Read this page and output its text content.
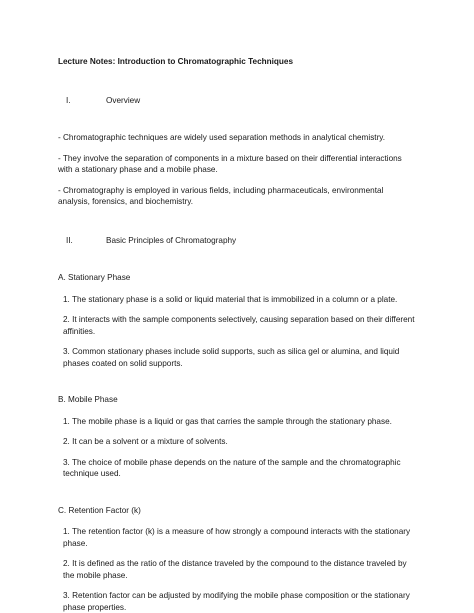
Lecture Notes: Introduction to Chromatographic Techniques
I.	Overview
- Chromatographic techniques are widely used separation methods in analytical chemistry.
- They involve the separation of components in a mixture based on their differential interactions with a stationary phase and a mobile phase.
- Chromatography is employed in various fields, including pharmaceuticals, environmental analysis, forensics, and biochemistry.
II.	Basic Principles of Chromatography
A. Stationary Phase
1. The stationary phase is a solid or liquid material that is immobilized in a column or a plate.
2. It interacts with the sample components selectively, causing separation based on their different affinities.
3. Common stationary phases include solid supports, such as silica gel or alumina, and liquid phases coated on solid supports.
B. Mobile Phase
1. The mobile phase is a liquid or gas that carries the sample through the stationary phase.
2. It can be a solvent or a mixture of solvents.
3. The choice of mobile phase depends on the nature of the sample and the chromatographic technique used.
C. Retention Factor (k)
1. The retention factor (k) is a measure of how strongly a compound interacts with the stationary phase.
2. It is defined as the ratio of the distance traveled by the compound to the distance traveled by the mobile phase.
3. Retention factor can be adjusted by modifying the mobile phase composition or the stationary phase properties.
